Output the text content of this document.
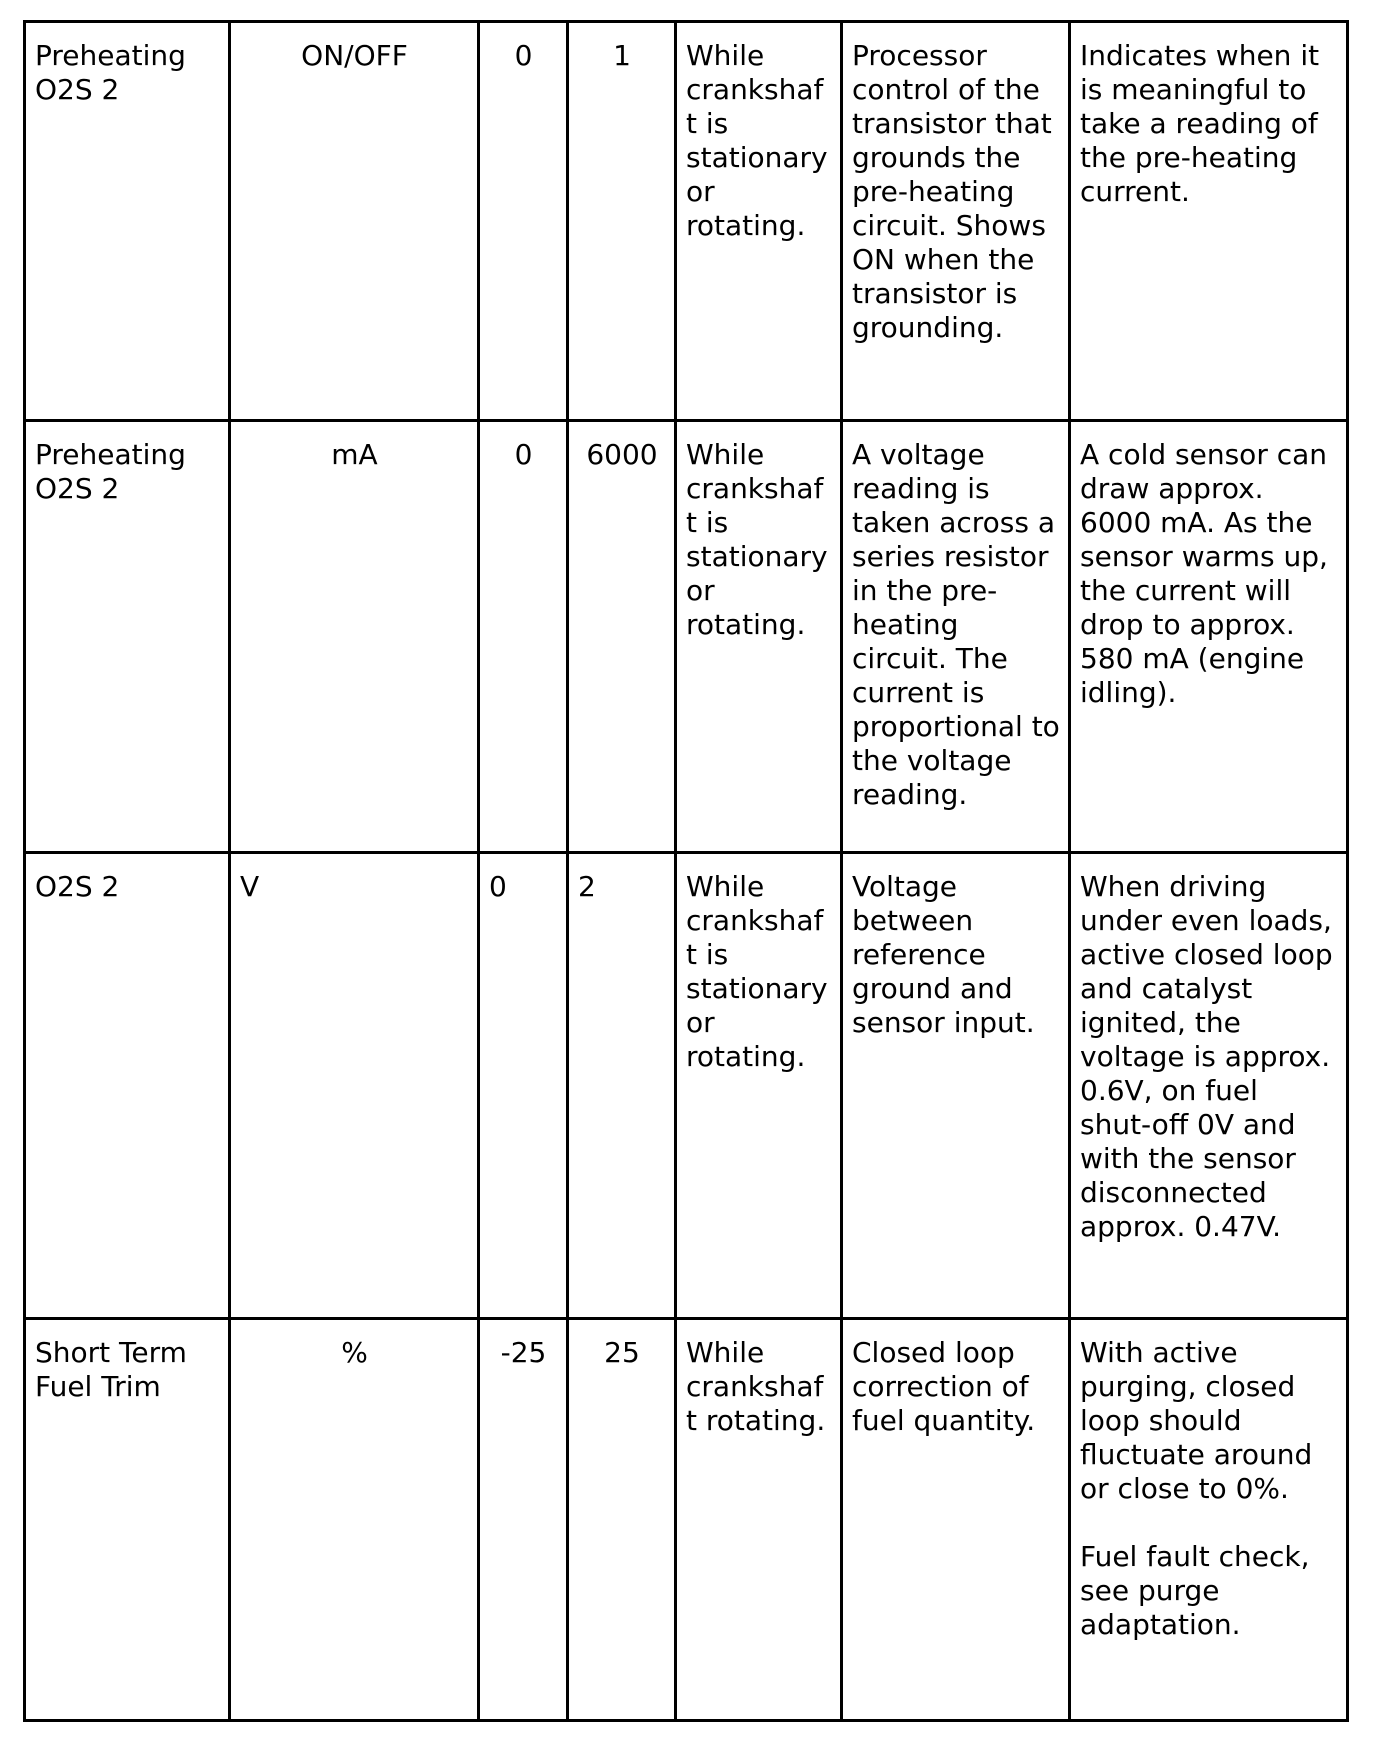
Preheating O2S 2	ON/OFF	0	1	While crankshaft is stationary or rotating.	Processor control of the transistor that grounds the pre-heating circuit. Shows ON when the transistor is grounding.	Indicates when it is meaningful to take a reading of the pre-heating current.

Preheating O2S 2	mA	0	6000	While crankshaft is stationary or rotating.	A voltage reading is taken across a series resistor in the pre-heating circuit. The current is proportional to the voltage reading.	A cold sensor can draw approx. 6000 mA. As the sensor warms up, the current will drop to approx. 580 mA (engine idling).

O2S 2	V	0	2	While crankshaft is stationary or rotating.	Voltage between reference ground and sensor input.	When driving under even loads, active closed loop and catalyst ignited, the voltage is approx. 0.6V, on fuel shut-off 0V and with the sensor disconnected approx. 0.47V.

Short Term Fuel Trim	%	-25	25	While crankshaft rotating.	Closed loop correction of fuel quantity.	With active purging, closed loop should fluctuate around or close to 0%.
Fuel fault check, see purge adaptation.
